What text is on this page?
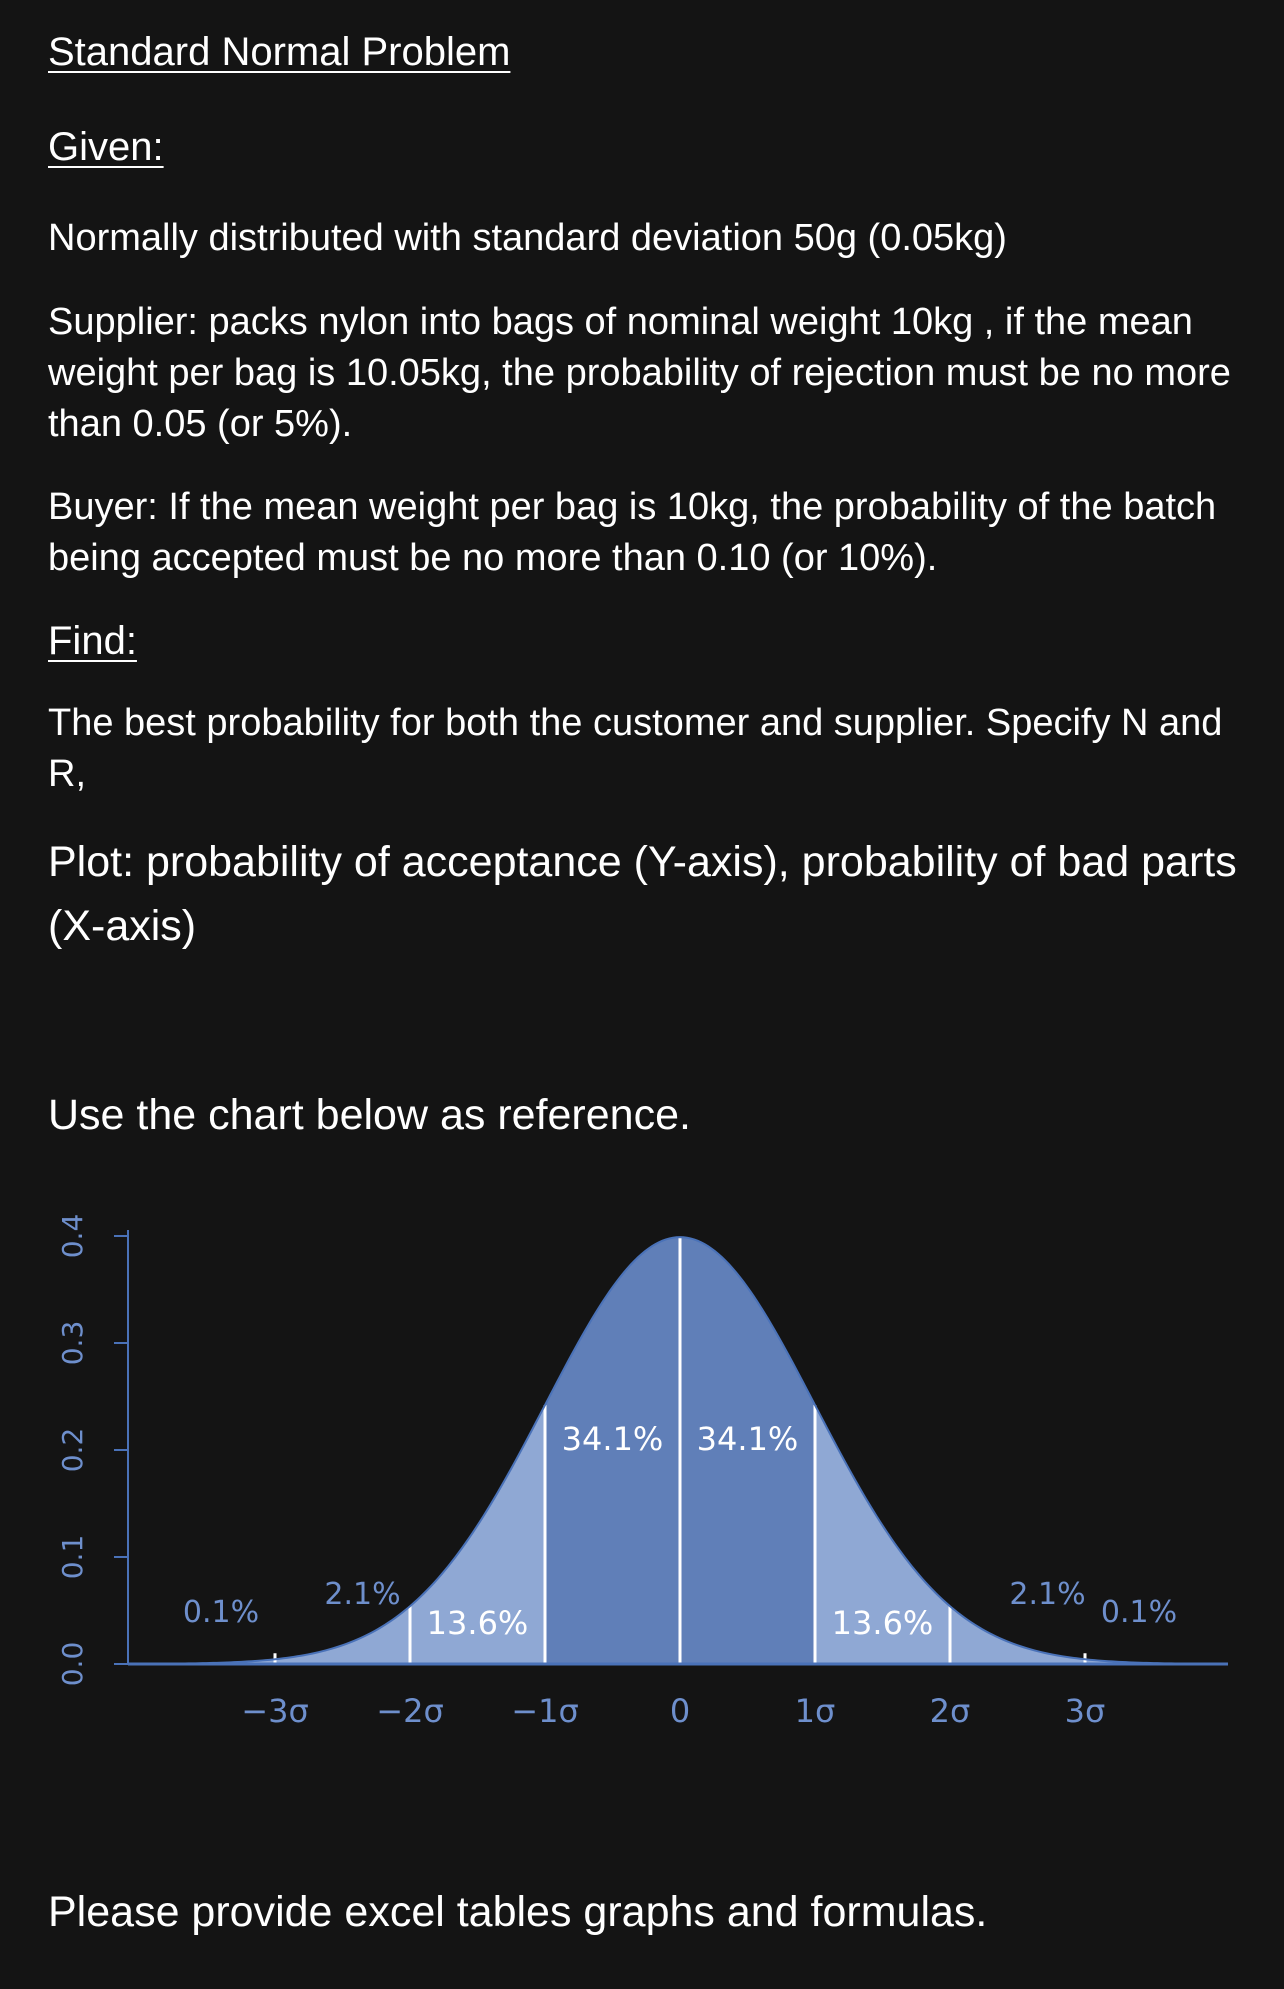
Standard Normal Problem
Given:

Normally distributed with standard deviation 50g (0.05kg)

Supplier: packs nylon into bags of nominal weight 10kg , if the mean weight per bag is 10.05kg, the probability of rejection must be no more than 0.05 (or 5%).

Buyer: If the mean weight per bag is 10kg, the probability of the batch being accepted must be no more than 0.10 (or 10%).

Find:

The best probability for both the customer and supplier. Specify N and R,

Plot: probability of acceptance (Y-axis), probability of bad parts (X-axis)

Use the chart below as reference.

0.1%
2.1%
13.6%
34.1% 34.1%
13.6%
2.1%
0.1%
−3σ −2σ −1σ	0	1σ	2σ	3σ
0.0
0.1
0.2
0.3
0.4

Please provide excel tables graphs and formulas.
